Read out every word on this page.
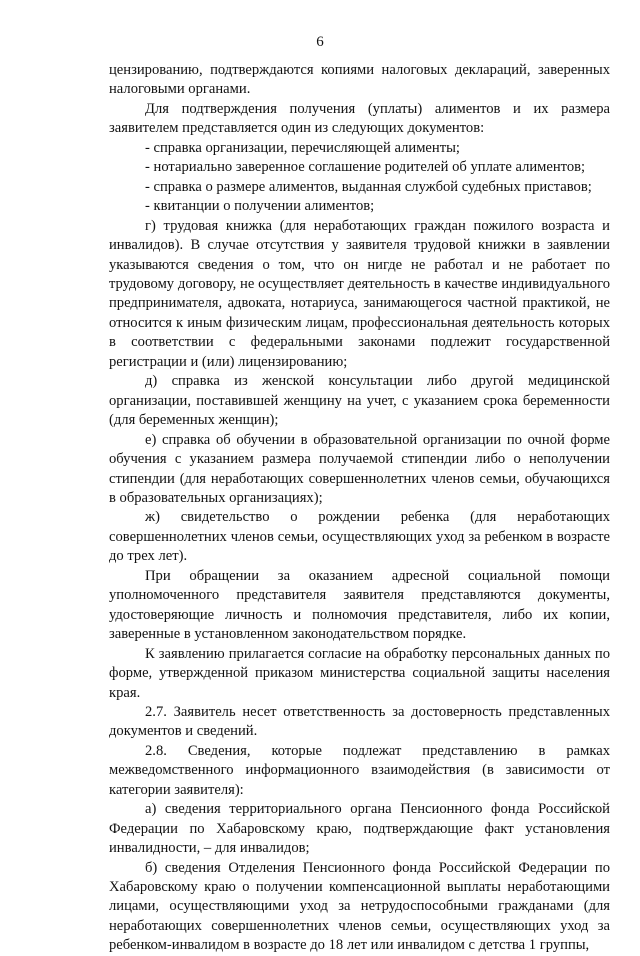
6

цензированию, подтверждаются копиями налоговых деклараций, заверенных налоговыми органами.

Для подтверждения получения (уплаты) алиментов и их размера заявителем представляется один из следующих документов:

- справка организации, перечисляющей алименты;

- нотариально заверенное соглашение родителей об уплате алиментов;

- справка о размере алиментов, выданная службой судебных приставов;

- квитанции о получении алиментов;

г) трудовая книжка (для неработающих граждан пожилого возраста и инвалидов). В случае отсутствия у заявителя трудовой книжки в заявлении указываются сведения о том, что он нигде не работал и не работает по трудовому договору, не осуществляет деятельность в качестве индивидуального предпринимателя, адвоката, нотариуса, занимающегося частной практикой, не относится к иным физическим лицам, профессиональная деятельность которых в соответствии с федеральными законами подлежит государственной регистрации и (или) лицензированию;

д) справка из женской консультации либо другой медицинской организации, поставившей женщину на учет, с указанием срока беременности (для беременных женщин);

е) справка об обучении в образовательной организации по очной форме обучения с указанием размера получаемой стипендии либо о неполучении стипендии (для неработающих совершеннолетних членов семьи, обучающихся в образовательных организациях);

ж) свидетельство о рождении ребенка (для неработающих совершеннолетних членов семьи, осуществляющих уход за ребенком в возрасте до трех лет).

При обращении за оказанием адресной социальной помощи уполномоченного представителя заявителя представляются документы, удостоверяющие личность и полномочия представителя, либо их копии, заверенные в установленном законодательством порядке.

К заявлению прилагается согласие на обработку персональных данных по форме, утвержденной приказом министерства социальной защиты населения края.

2.7. Заявитель несет ответственность за достоверность представленных документов и сведений.

2.8. Сведения, которые подлежат представлению в рамках межведомственного информационного взаимодействия (в зависимости от категории заявителя):

а) сведения территориального органа Пенсионного фонда Российской Федерации по Хабаровскому краю, подтверждающие факт установления инвалидности, – для инвалидов;

б) сведения Отделения Пенсионного фонда Российской Федерации по Хабаровскому краю о получении компенсационной выплаты неработающими лицами, осуществляющими уход за нетрудоспособными гражданами (для неработающих совершеннолетних членов семьи, осуществляющих уход за ребенком-инвалидом в возрасте до 18 лет или инвалидом с детства 1 группы,
